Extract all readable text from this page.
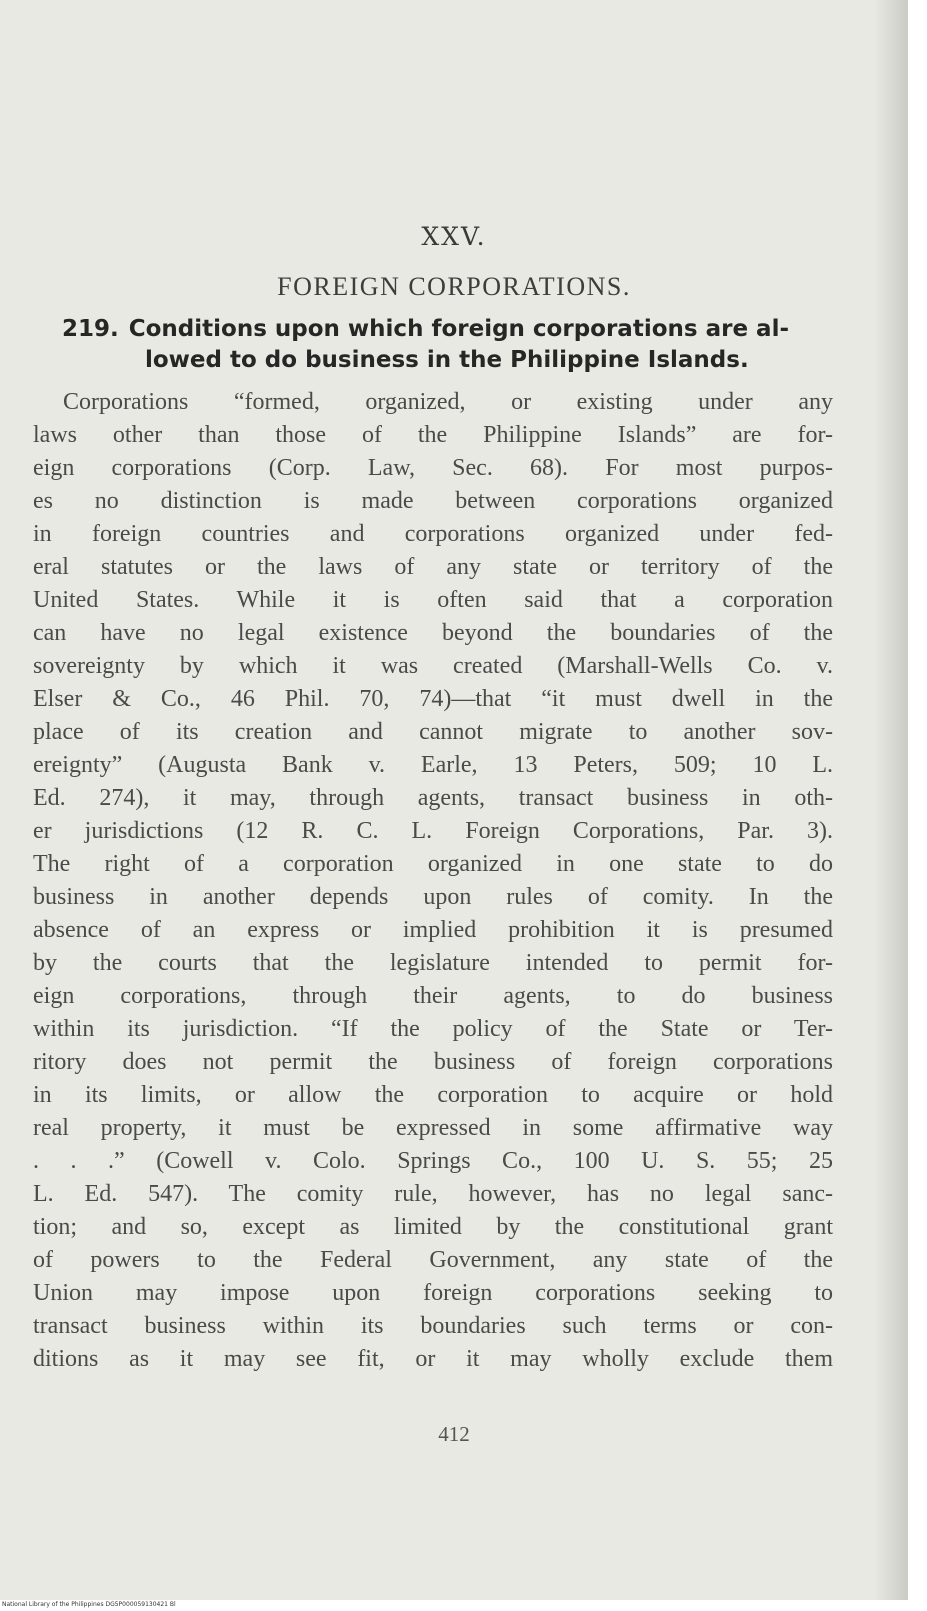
XXV.
FOREIGN CORPORATIONS.
219. Conditions upon which foreign corporations are al-
lowed to do business in the Philippine Islands.
Corporations “formed, organized, or existing under any
laws other than those of the Philippine Islands” are for-
eign corporations (Corp. Law, Sec. 68). For most purpos-
es no distinction is made between corporations organized
in foreign countries and corporations organized under fed-
eral statutes or the laws of any state or territory of the
United States. While it is often said that a corporation
can have no legal existence beyond the boundaries of the
sovereignty by which it was created (Marshall-Wells Co. v.
Elser & Co., 46 Phil. 70, 74)—that “it must dwell in the
place of its creation and cannot migrate to another sov-
ereignty” (Augusta Bank v. Earle, 13 Peters, 509; 10 L.
Ed. 274), it may, through agents, transact business in oth-
er jurisdictions (12 R. C. L. Foreign Corporations, Par. 3).
The right of a corporation organized in one state to do
business in another depends upon rules of comity. In the
absence of an express or implied prohibition it is presumed
by the courts that the legislature intended to permit for-
eign corporations, through their agents, to do business
within its jurisdiction. “If the policy of the State or Ter-
ritory does not permit the business of foreign corporations
in its limits, or allow the corporation to acquire or hold
real property, it must be expressed in some affirmative way
. . .” (Cowell v. Colo. Springs Co., 100 U. S. 55; 25
L. Ed. 547). The comity rule, however, has no legal sanc-
tion; and so, except as limited by the constitutional grant
of powers to the Federal Government, any state of the
Union may impose upon foreign corporations seeking to
transact business within its boundaries such terms or con-
ditions as it may see fit, or it may wholly exclude them
412
National Library of the Philippines DG5P000059130421 Bl
